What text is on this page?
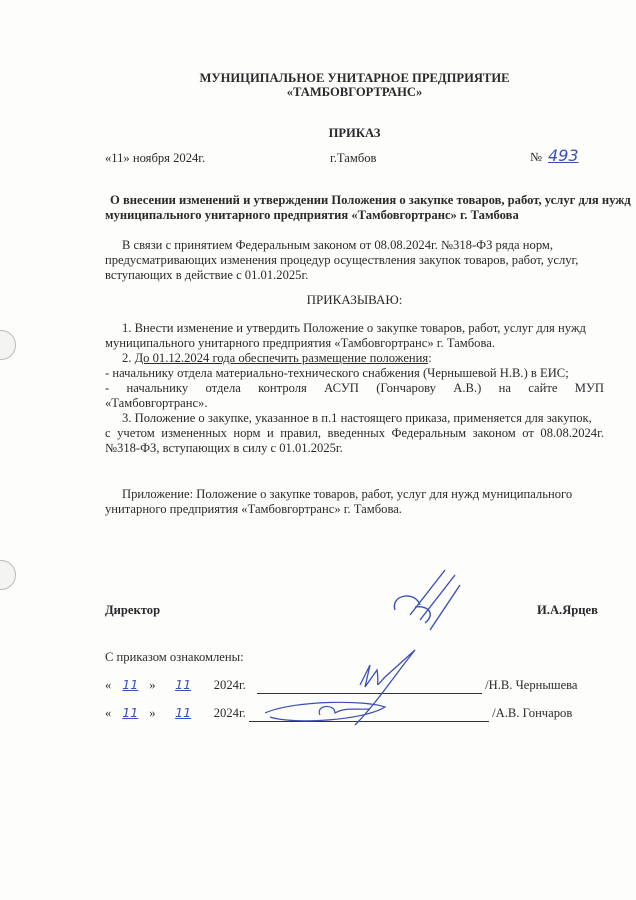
МУНИЦИПАЛЬНОЕ УНИТАРНОЕ ПРЕДПРИЯТИЕ
«ТАМБОВГОРТРАНС»
ПРИКАЗ
«11» ноября 2024г.	г.Тамбов	№ 493
О внесении изменений и утверждении Положения о закупке товаров, работ, услуг для нужд
муниципального унитарного предприятия «Тамбовгортранс» г. Тамбова
В связи с принятием Федеральным законом от 08.08.2024г. №318-ФЗ ряда норм,
предусматривающих изменения процедур осуществления закупок товаров, работ, услуг,
вступающих в действие с 01.01.2025г.
ПРИКАЗЫВАЮ:
1. Внести изменение и утвердить Положение о закупке товаров, работ, услуг для нужд
муниципального унитарного предприятия «Тамбовгортранс» г. Тамбова.
2. До 01.12.2024 года обеспечить размещение положения:
- начальнику отдела материально-технического снабжения (Чернышевой Н.В.) в ЕИС;
- начальнику отдела контроля АСУП (Гончарову А.В.) на сайте МУП
«Тамбовгортранс».
3. Положение о закупке, указанное в п.1 настоящего приказа, применяется для закупок,
с учетом измененных норм и правил, введенных Федеральным законом от 08.08.2024г.
№318-ФЗ, вступающих в силу с 01.01.2025г.
Приложение: Положение о закупке товаров, работ, услуг для нужд муниципального
унитарного предприятия «Тамбовгортранс» г. Тамбова.
Директор	И.А.Ярцев
С приказом ознакомлены:
« 11 » 11 2024г.	/Н.В. Чернышева
« 11 » 11 2024г.	/А.В. Гончаров
